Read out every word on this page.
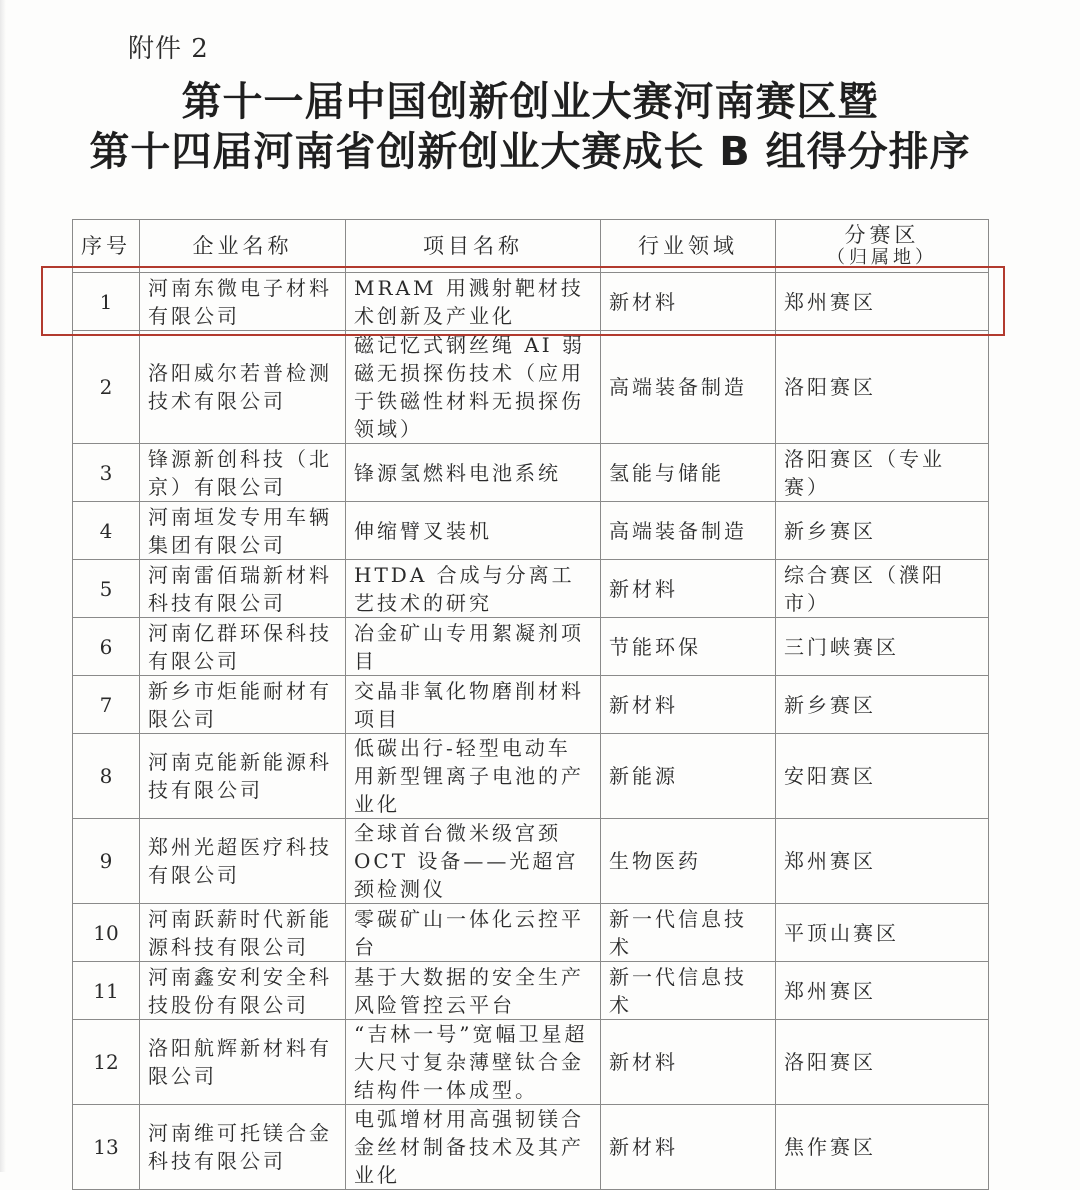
附件 2
第十一届中国创新创业大赛河南赛区暨
第十四届河南省创新创业大赛成长 B 组得分排序
序号	企业名称	项目名称	行业领域	分赛区

（归属地）

1	河南东微电子材料有限公司	MRAM 用溅射靶材技术创新及产业化	新材料	郑州赛区
2	洛阳威尔若普检测技术有限公司	磁记忆式钢丝绳 AI 弱磁无损探伤技术（应用于铁磁性材料无损探伤领域）	高端装备制造	洛阳赛区
3	锋源新创科技（北京）有限公司	锋源氢燃料电池系统	氢能与储能	洛阳赛区（专业赛）
4	河南垣发专用车辆集团有限公司	伸缩臂叉装机	高端装备制造	新乡赛区
5	河南雷佰瑞新材料科技有限公司	HTDA 合成与分离工艺技术的研究	新材料	综合赛区（濮阳市）
6	河南亿群环保科技有限公司	冶金矿山专用絮凝剂项目	节能环保	三门峡赛区
7	新乡市炬能耐材有限公司	交晶非氧化物磨削材料项目	新材料	新乡赛区
8	河南克能新能源科技有限公司	低碳出行-轻型电动车用新型锂离子电池的产业化	新能源	安阳赛区
9	郑州光超医疗科技有限公司	全球首台微米级宫颈 OCT 设备——光超宫颈检测仪	生物医药	郑州赛区
10	河南跃薪时代新能源科技有限公司	零碳矿山一体化云控平台	新一代信息技术	平顶山赛区
11	河南鑫安利安全科技股份有限公司	基于大数据的安全生产风险管控云平台	新一代信息技术	郑州赛区
12	洛阳航辉新材料有限公司	“吉林一号”宽幅卫星超大尺寸复杂薄壁钛合金结构件一体成型。	新材料	洛阳赛区
13	河南维可托镁合金科技有限公司	电弧增材用高强韧镁合金丝材制备技术及其产业化	新材料	焦作赛区
